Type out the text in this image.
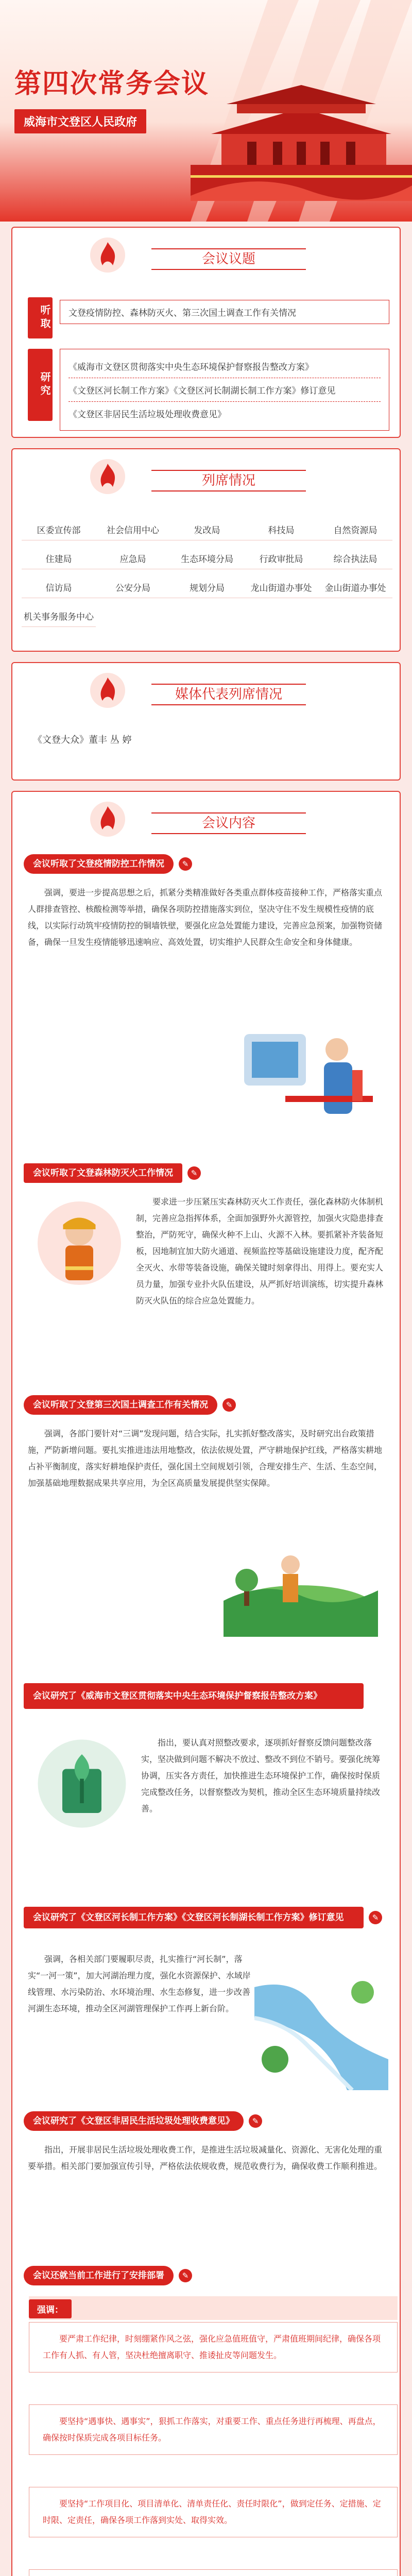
第四次常务会议
威海市文登区人民政府
会议议题
听取	文登疫情防控、森林防灭火、第三次国土调查工作有关情况
研究
《威海市文登区贯彻落实中央生态环境保护督察报告整改方案》
《文登区河长制工作方案》《文登区河长制湖长制工作方案》修订意见
《文登区非居民生活垃圾处理收费意见》
列席情况
区委宣传部	社会信用中心	发改局	科技局	自然资源局
住建局	应急局	生态环境分局	行政审批局	综合执法局
信访局	公安分局	规划分局	龙山街道办事处	金山街道办事处
机关事务服务中心
媒体代表列席情况
《文登大众》董丰 丛 婷
会议内容
会议听取了文登疫情防控工作情况	✎
强调，要进一步提高思想之后，抓紧分类精准做好各类重点群体疫苗接种工作，严格落实重点人群排查管控、核酸检测等举措，确保各项防控措施落实到位，坚决守住不发生规模性疫情的底线，以实际行动筑牢疫情防控的铜墙铁壁，要强化应急处置能力建设，完善应急预案，加强物资储备，确保一旦发生疫情能够迅速响应、高效处置，切实维护人民群众生命安全和身体健康。
会议听取了文登森林防灭火工作情况	✎
要求进一步压紧压实森林防灭火工作责任，强化森林防火体制机制，完善应急指挥体系，全面加强野外火源管控，加强火灾隐患排查整治，严防死守，确保火种不上山、火源不入林。要抓紧补齐装备短板，因地制宜加大防火通道、视频监控等基础设施建设力度，配齐配全灭火、水带等装备设施，确保关键时刻拿得出、用得上。要充实人员力量，加强专业扑火队伍建设，从严抓好培训演练，切实提升森林防灭火队伍的综合应急处置能力。
会议听取了文登第三次国土调查工作有关情况	✎
强调，各部门要针对“三调”发现问题，结合实际，扎实抓好整改落实，及时研究出台政策措施，严防新增问题。要扎实推进违法用地整改，依法依规处置，严守耕地保护红线，严格落实耕地占补平衡制度，落实好耕地保护责任，强化国土空间规划引领，合理安排生产、生活、生态空间，加强基础地理数据成果共享应用，为全区高质量发展提供坚实保障。
会议研究了《威海市文登区贯彻落实中央生态环境保护督察报告整改方案》
指出，要认真对照整改要求，逐项抓好督察反馈问题整改落实，坚决做到问题不解决不放过、整改不到位不销号。要强化统筹协调，压实各方责任，加快推进生态环境保护工作，确保按时保质完成整改任务，以督察整改为契机，推动全区生态环境质量持续改善。
会议研究了《文登区河长制工作方案》《文登区河长制湖长制工作方案》修订意见	✎
强调，各相关部门要履职尽责，扎实推行“河长制”，落实“一河一策”，加大河湖治理力度，强化水资源保护、水域岸线管理、水污染防治、水环境治理、水生态修复，进一步改善河湖生态环境，推动全区河湖管理保护工作再上新台阶。
会议研究了《文登区非居民生活垃圾处理收费意见》	✎
指出，开展非居民生活垃圾处理收费工作，是推进生活垃圾减量化、资源化、无害化处理的重要举措。相关部门要加强宣传引导，严格依法依规收费，规范收费行为，确保收费工作顺利推进。
会议还就当前工作进行了安排部署	✎
强调：
要严肃工作纪律，时刻绷紧作风之弦，强化应急值班值守，严肃值班期间纪律，确保各项工作有人抓、有人管，坚决杜绝擅离职守、推诿扯皮等问题发生。
要坚持“遇事快、遇事实”，狠抓工作落实，对重要工作、重点任务进行再梳理、再盘点，确保按时保质完成各项目标任务。
要坚持“工作项目化、项目清单化、清单责任化、责任时限化”，做到定任务、定措施、定时限、定责任，确保各项工作落到实处、取得实效。
